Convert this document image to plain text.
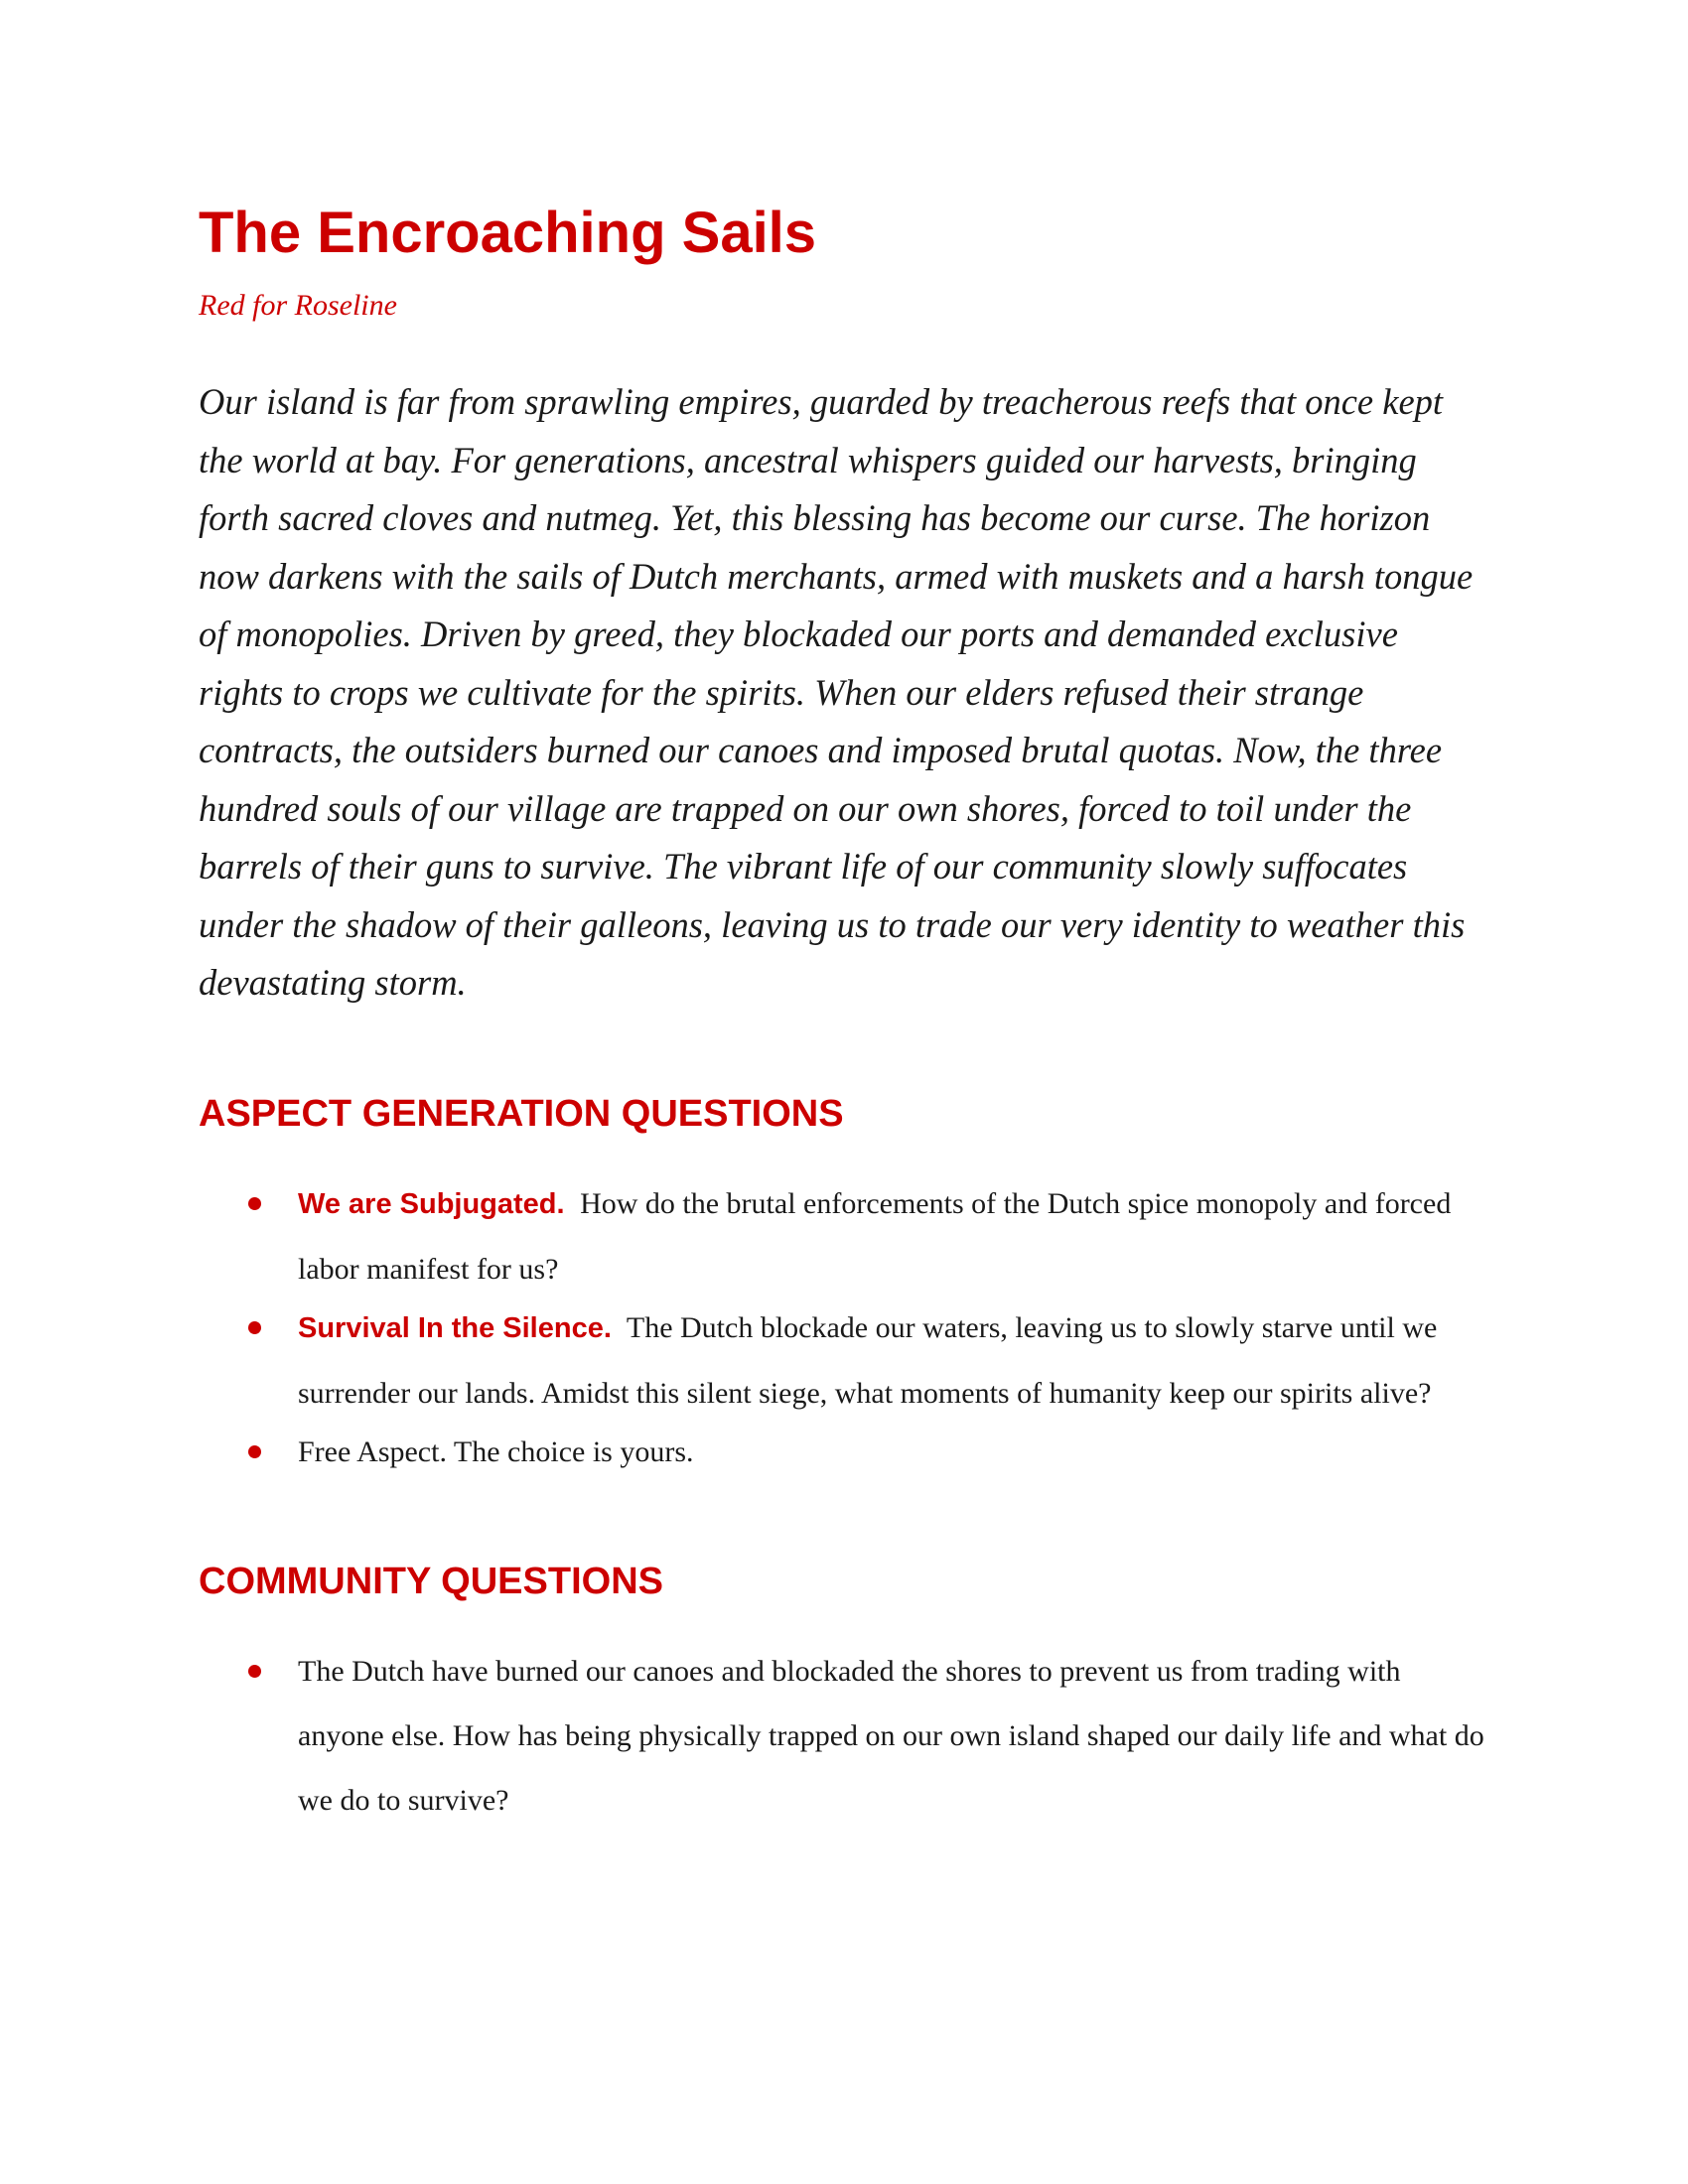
The Encroaching Sails
Red for Roseline

Our island is far from sprawling empires, guarded by treacherous reefs that once kept the world at bay. For generations, ancestral whispers guided our harvests, bringing forth sacred cloves and nutmeg. Yet, this blessing has become our curse. The horizon now darkens with the sails of Dutch merchants, armed with muskets and a harsh tongue of monopolies. Driven by greed, they blockaded our ports and demanded exclusive rights to crops we cultivate for the spirits. When our elders refused their strange contracts, the outsiders burned our canoes and imposed brutal quotas. Now, the three hundred souls of our village are trapped on our own shores, forced to toil under the barrels of their guns to survive. The vibrant life of our community slowly suffocates under the shadow of their galleons, leaving us to trade our very identity to weather this devastating storm.

ASPECT GENERATION QUESTIONS
We are Subjugated. How do the brutal enforcements of the Dutch spice monopoly and forced labor manifest for us?
Survival In the Silence. The Dutch blockade our waters, leaving us to slowly starve until we surrender our lands. Amidst this silent siege, what moments of humanity keep our spirits alive?
Free Aspect. The choice is yours.
COMMUNITY QUESTIONS
The Dutch have burned our canoes and blockaded the shores to prevent us from trading with anyone else. How has being physically trapped on our own island shaped our daily life and what do we do to survive?
